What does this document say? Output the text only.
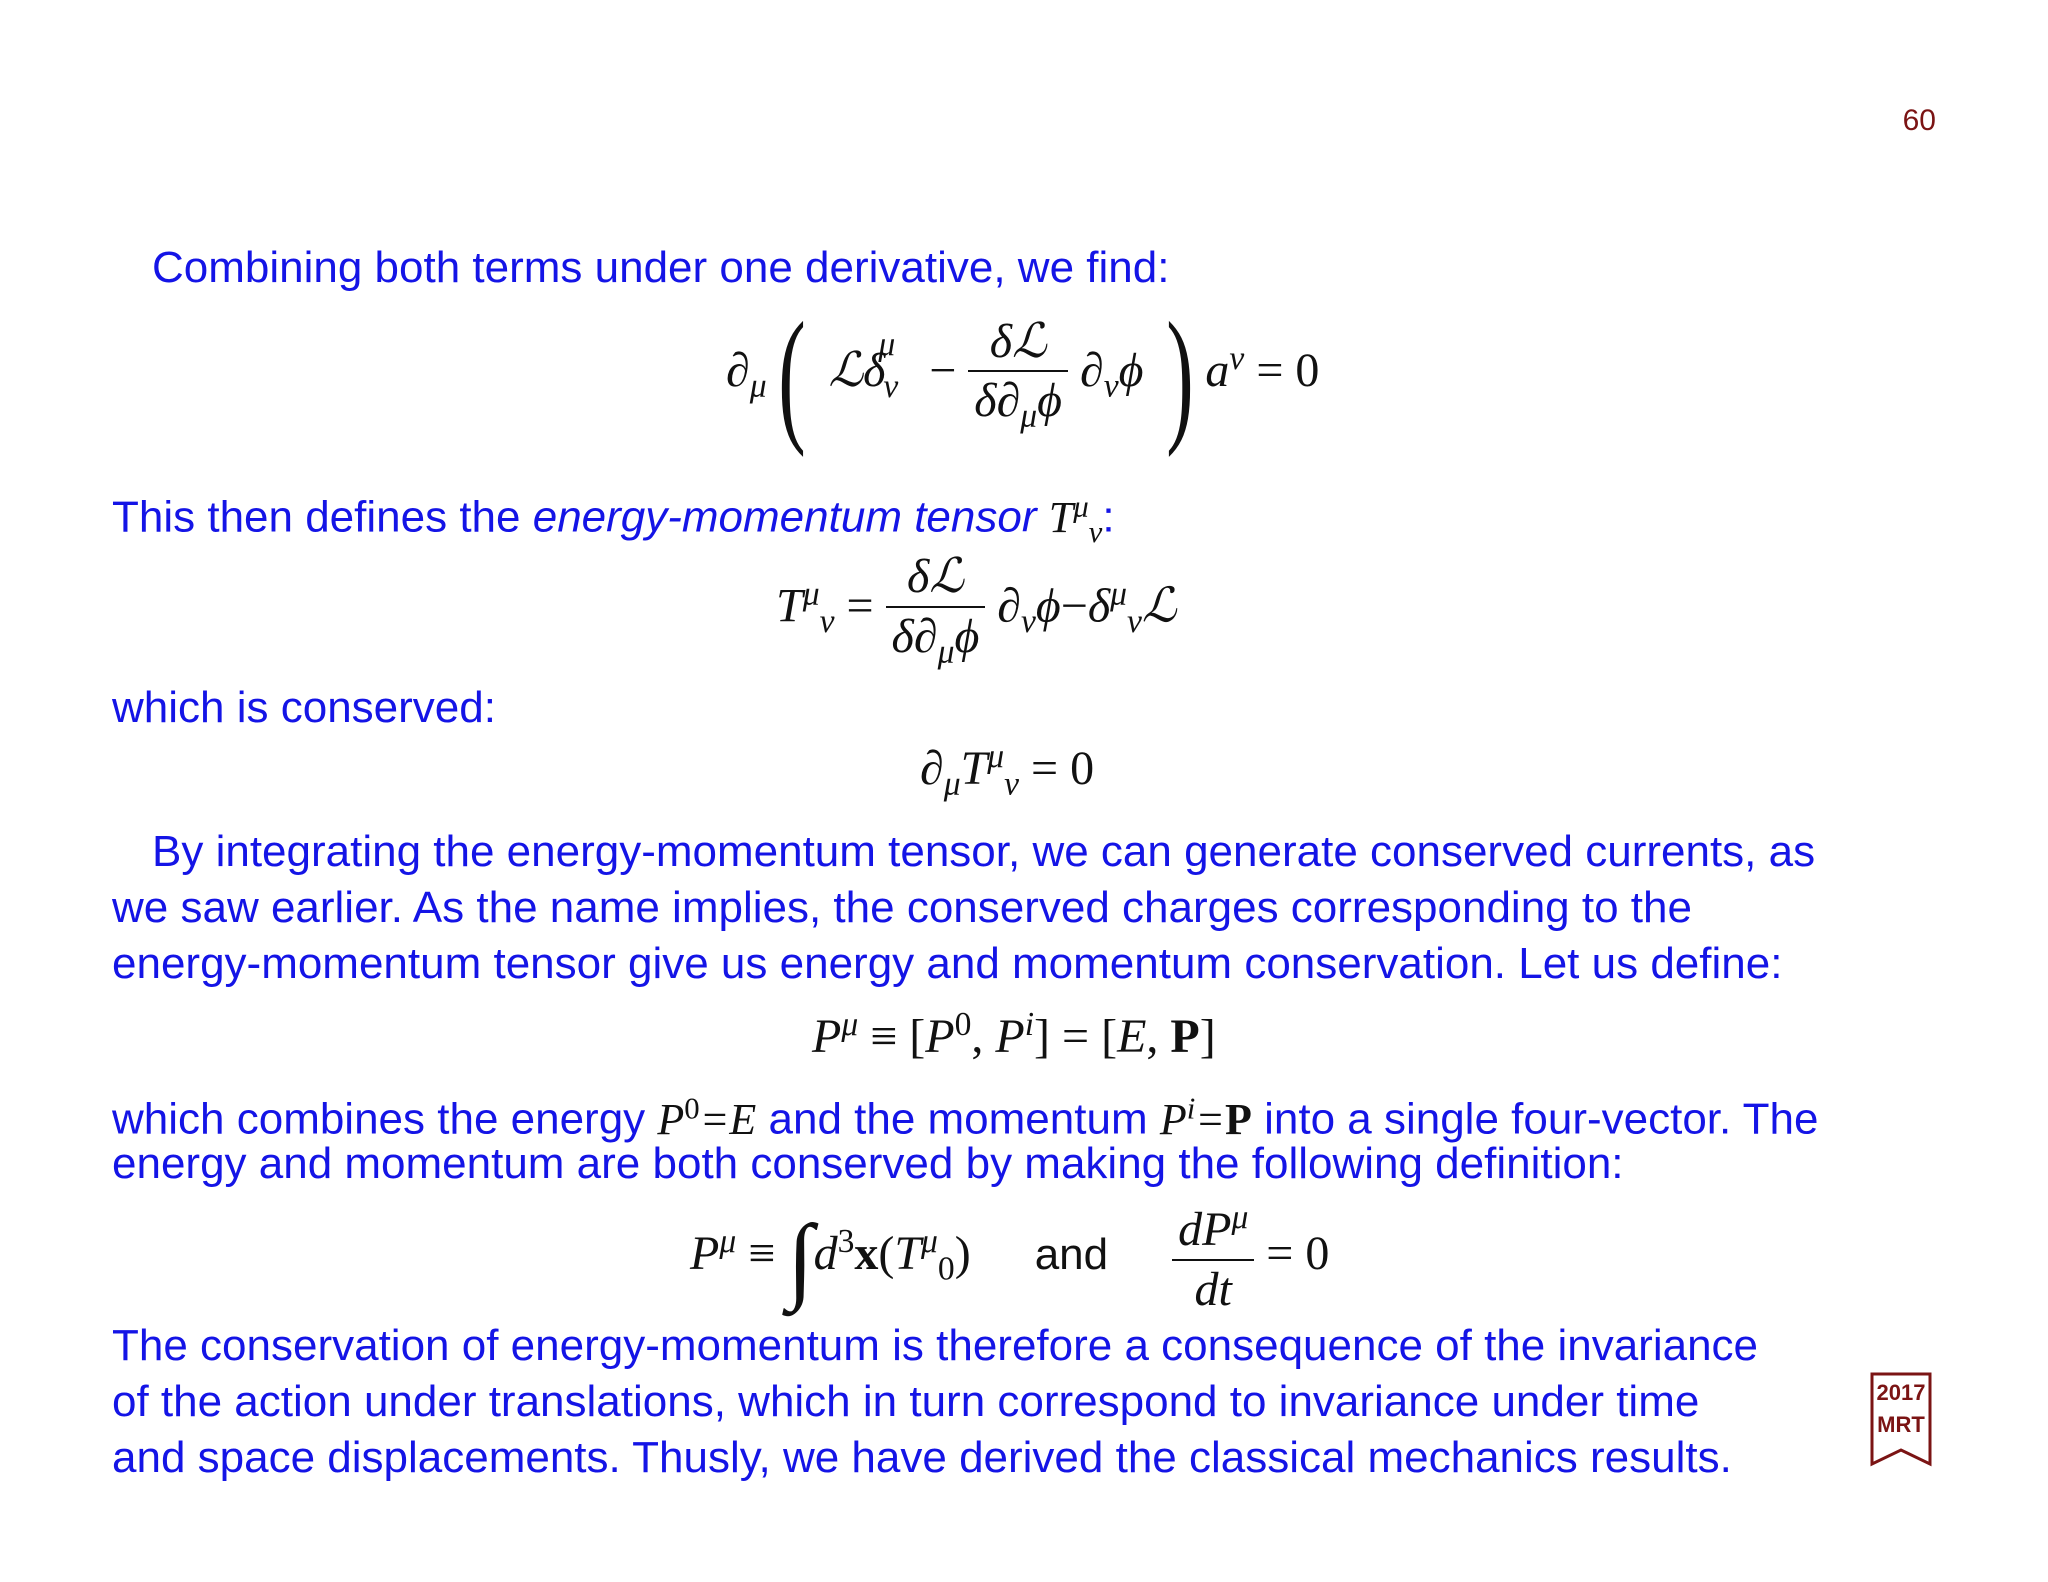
60
Combining both terms under one derivative, we find:
$\partial_\mu$( ℒδ$_\nu^\mu$ − $\frac{\text{δℒ}}{\delta\partial_\mu\phi} \partial_\nu\phi$ ) $a^\nu = 0$
This then defines the energy-momentum tensor $T^\mu_\nu$:
$T^\mu_\nu = \frac{\text{δℒ}}{\delta\partial_\mu\phi}$ $\partial_\nu\phi-\delta^\mu_\nu ℒ$
which is conserved:
$\partial_\mu T^\mu_\nu = 0$
By integrating the energy-momentum tensor, we can generate conserved currents, as
we saw earlier. As the name implies, the conserved charges corresponding to the
energy-momentum tensor give us energy and momentum conservation. Let us define:
$P^\mu \equiv [P^0$, $P^i] = [E$, P]
which combines the energy $P^0=E$ and the momentum $P^i=P$ into a single four-vector. The
energy and momentum are both conserved by making the following definition:
$P^\mu \equiv \int d^3x(T^\mu_0)$ and $\frac{dP^\mu}{dt} = 0$
The conservation of energy-momentum is therefore a consequence of the invariance
of the action under translations, which in turn correspond to invariance under time
and space displacements. Thusly, we have derived the classical mechanics results.
2017
MRT
